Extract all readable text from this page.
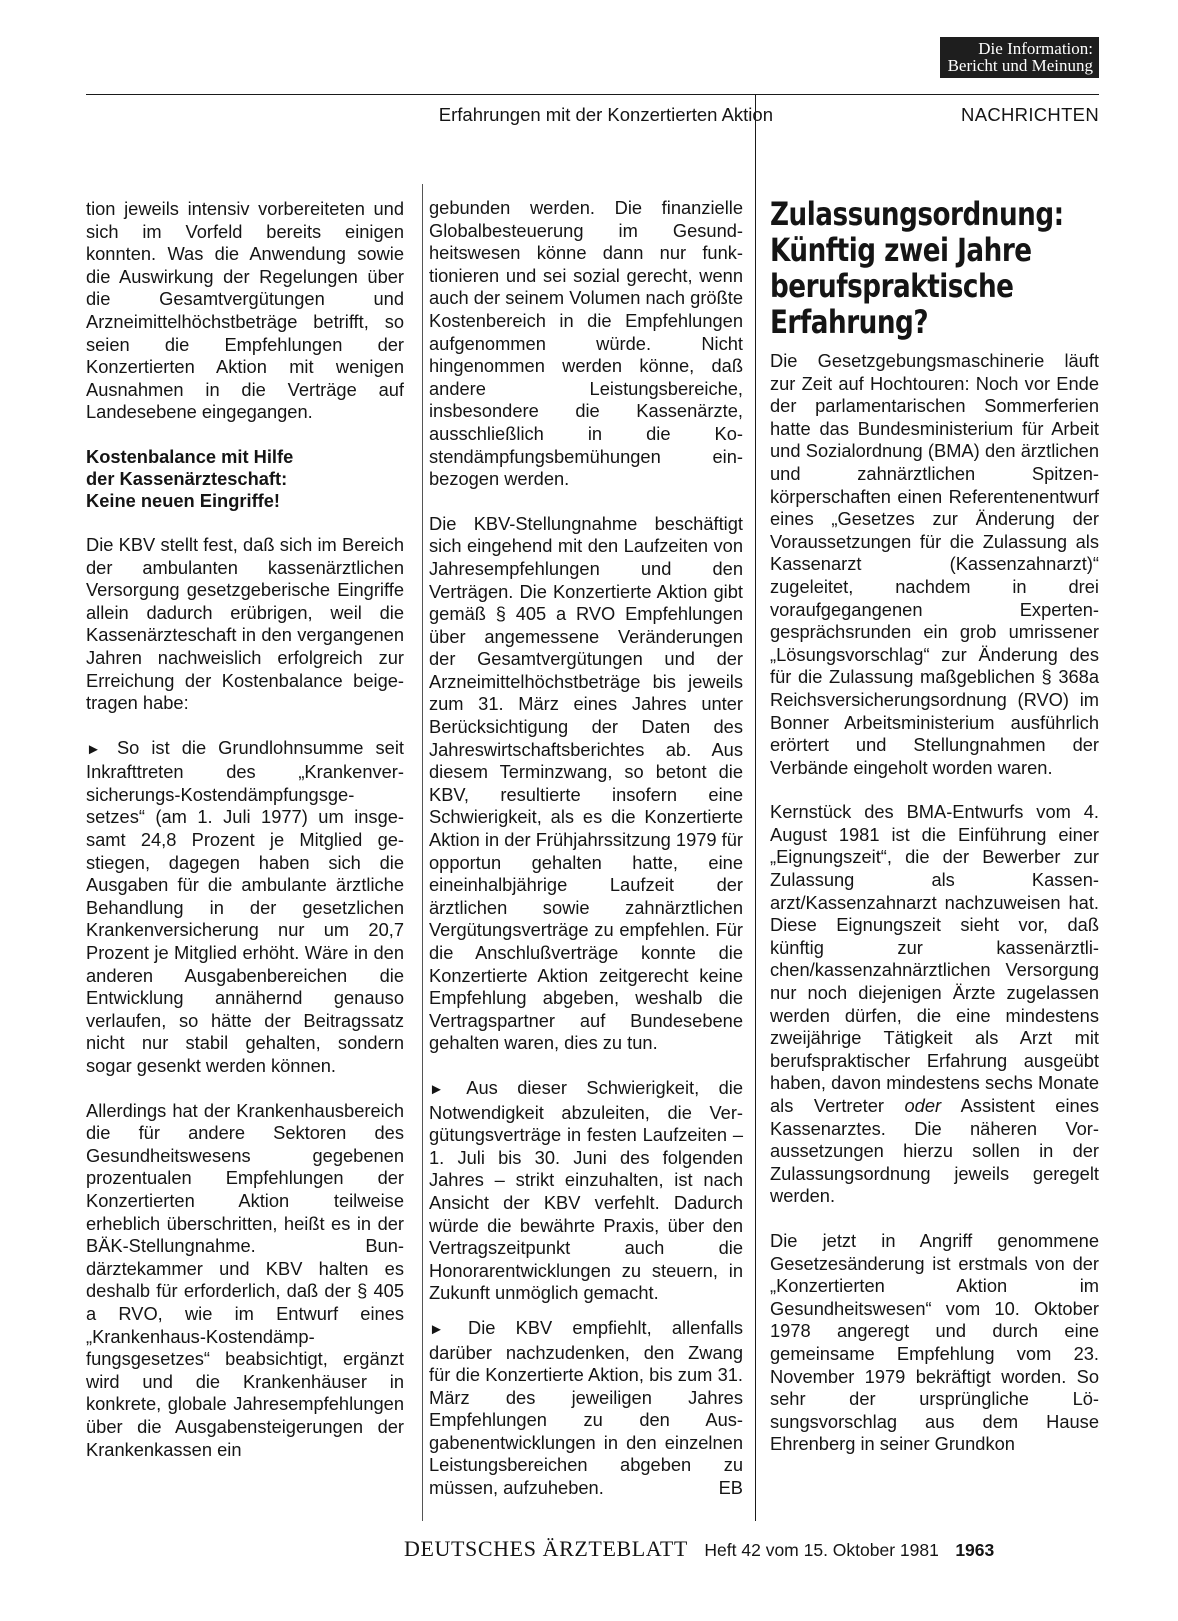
Die Information:
Bericht und Meinung
Erfahrungen mit der Konzertierten Aktion	NACHRICHTEN

tion jeweils intensiv vorbereiteten und sich im Vorfeld bereits einigen konnten. Was die Anwendung sowie die Auswirkung der Regelungen über die Gesamtvergütungen und Arzneimittelhöchstbeträge betrifft, so seien die Empfehlungen der Konzertierten Aktion mit wenigen Ausnahmen in die Verträge auf Landesebene eingegangen.

Kostenbalance mit Hilfe
der Kassenärzteschaft:
Keine neuen Eingriffe!

Die KBV stellt fest, daß sich im Bereich der ambulanten kassenärztlichen Versorgung gesetzgeberische Eingriffe allein dadurch erübrigen, weil die Kassenärzteschaft in den vergangenen Jahren nachweislich erfolgreich zur Erreichung der Kostenbalance beigetragen habe:

► So ist die Grundlohnsumme seit Inkrafttreten des „Krankenversicherungs-Kostendämpfungsgesetzes“ (am 1. Juli 1977) um insgesamt 24,8 Prozent je Mitglied gestiegen, dagegen haben sich die Ausgaben für die ambulante ärztliche Behandlung in der gesetzlichen Krankenversicherung nur um 20,7 Prozent je Mitglied erhöht. Wäre in den anderen Ausgabenbereichen die Entwicklung annähernd genauso verlaufen, so hätte der Beitragssatz nicht nur stabil gehalten, sondern sogar gesenkt werden können.

Allerdings hat der Krankenhausbereich die für andere Sektoren des Gesundheitswesens gegebenen prozentualen Empfehlungen der Konzertierten Aktion teilweise erheblich überschritten, heißt es in der BÄK-Stellungnahme. Bundärztekammer und KBV halten es deshalb für erforderlich, daß der § 405 a RVO, wie im Entwurf eines „Krankenhaus-Kostendämpfungsgesetzes“ beabsichtigt, ergänzt wird und die Krankenhäuser in konkrete, globale Jahresempfehlungen über die Ausgabensteigerungen der Krankenkassen ein

gebunden werden. Die finanzielle Globalbesteuerung im Gesundheitswesen könne dann nur funktionieren und sei sozial gerecht, wenn auch der seinem Volumen nach größte Kostenbereich in die Empfehlungen aufgenommen würde. Nicht hingenommen werden könne, daß andere Leistungsbereiche, insbesondere die Kassenärzte, ausschließlich in die Kostendämpfungsbemühungen einbezogen werden.

Die KBV-Stellungnahme beschäftigt sich eingehend mit den Laufzeiten von Jahresempfehlungen und den Verträgen. Die Konzertierte Aktion gibt gemäß § 405 a RVO Empfehlungen über angemessene Veränderungen der Gesamtvergütungen und der Arzneimittelhöchstbeträge bis jeweils zum 31. März eines Jahres unter Berücksichtigung der Daten des Jahreswirtschaftsberichtes ab. Aus diesem Terminzwang, so betont die KBV, resultierte insofern eine Schwierigkeit, als es die Konzertierte Aktion in der Frühjahrssitzung 1979 für opportun gehalten hatte, eine eineinhalbjährige Laufzeit der ärztlichen sowie zahnärztlichen Vergütungsverträge zu empfehlen. Für die Anschlußverträge konnte die Konzertierte Aktion zeitgerecht keine Empfehlung abgeben, weshalb die Vertragspartner auf Bundesebene gehalten waren, dies zu tun.

► Aus dieser Schwierigkeit, die Notwendigkeit abzuleiten, die Vergütungsverträge in festen Laufzeiten – 1. Juli bis 30. Juni des folgenden Jahres – strikt einzuhalten, ist nach Ansicht der KBV verfehlt. Dadurch würde die bewährte Praxis, über den Vertragszeitpunkt auch die Honorarentwicklungen zu steuern, in Zukunft unmöglich gemacht.

► Die KBV empfiehlt, allenfalls darüber nachzudenken, den Zwang für die Konzertierte Aktion, bis zum 31. März des jeweiligen Jahres Empfehlungen zu den Ausgabenentwicklungen in den einzelnen Leistungsbereichen abgeben zu müssen, aufzuheben.	EB

Zulassungsordnung:
Künftig zwei Jahre
berufspraktische
Erfahrung?

Die Gesetzgebungsmaschinerie läuft zur Zeit auf Hochtouren: Noch vor Ende der parlamentarischen Sommerferien hatte das Bundesministerium für Arbeit und Sozialordnung (BMA) den ärztlichen und zahnärztlichen Spitzenkörperschaften einen Referentenentwurf eines „Gesetzes zur Änderung der Voraussetzungen für die Zulassung als Kassenarzt (Kassenzahnarzt)“ zugeleitet, nachdem in drei voraufgegangenen Expertengesprächsrunden ein grob umrissener „Lösungsvorschlag“ zur Änderung des für die Zulassung maßgeblichen § 368a Reichsversicherungsordnung (RVO) im Bonner Arbeitsministerium ausführlich erörtert und Stellungnahmen der Verbände eingeholt worden waren.

Kernstück des BMA-Entwurfs vom 4. August 1981 ist die Einführung einer „Eignungszeit“, die der Bewerber zur Zulassung als Kassenarzt/Kassenzahnarzt nachzuweisen hat. Diese Eignungszeit sieht vor, daß künftig zur kassenärztlichen/kassenzahnärztlichen Versorgung nur noch diejenigen Ärzte zugelassen werden dürfen, die eine mindestens zweijährige Tätigkeit als Arzt mit berufspraktischer Erfahrung ausgeübt haben, davon mindestens sechs Monate als Vertreter oder Assistent eines Kassenarztes. Die näheren Voraussetzungen hierzu sollen in der Zulassungsordnung jeweils geregelt werden.

Die jetzt in Angriff genommene Gesetzesänderung ist erstmals von der „Konzertierten Aktion im Gesundheitswesen“ vom 10. Oktober 1978 angeregt und durch eine gemeinsame Empfehlung vom 23. November 1979 bekräftigt worden. So sehr der ursprüngliche Lösungsvorschlag aus dem Hause Ehrenberg in seiner Grundkon

DEUTSCHES ÄRZTEBLATT Heft 42 vom 15. Oktober 1981 1963
